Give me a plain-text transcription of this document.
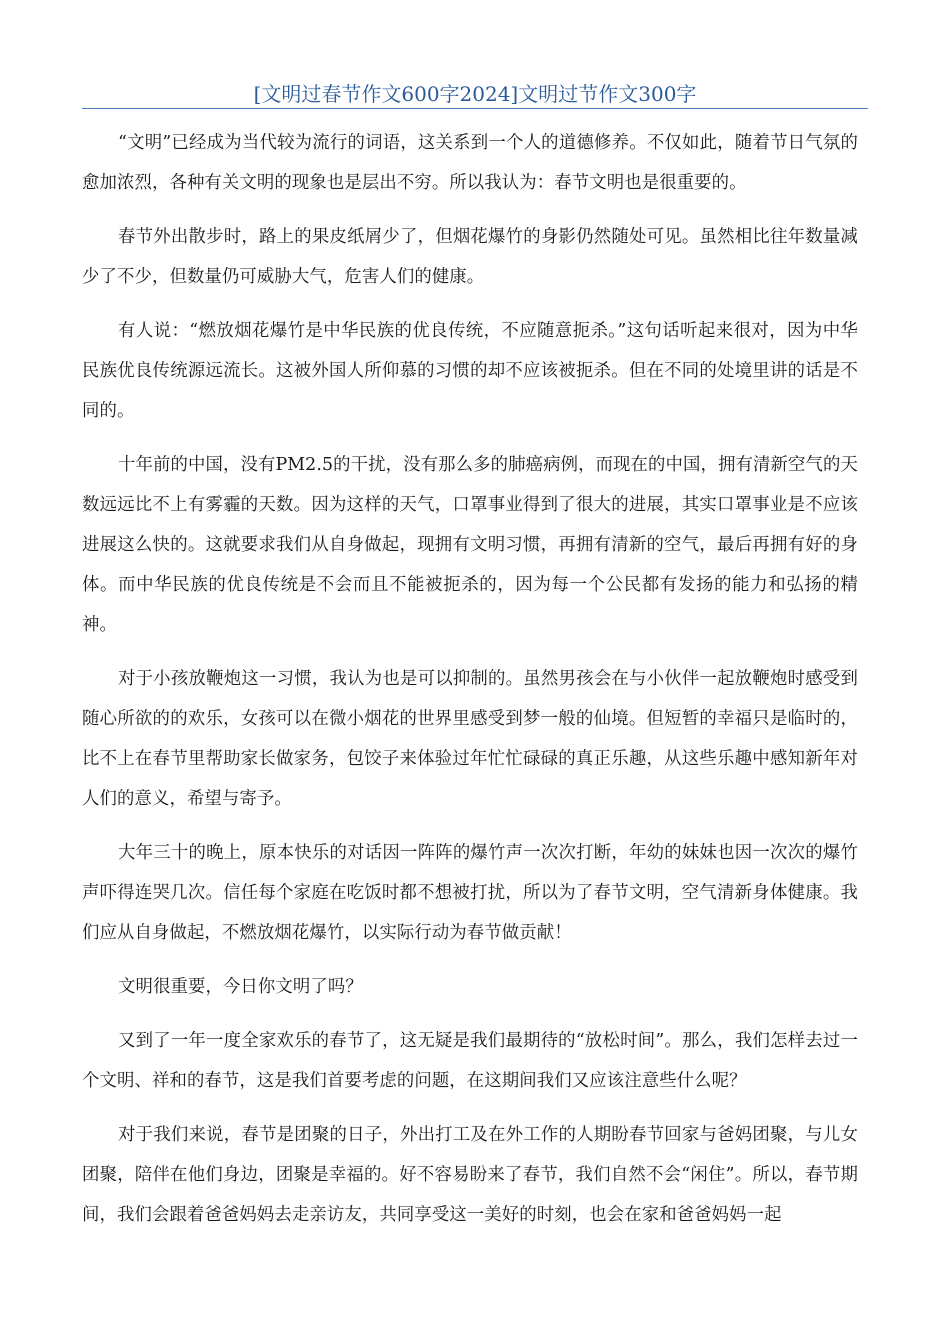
[文明过春节作文600字2024]文明过节作文300字

“文明”已经成为当代较为流行的词语，这关系到一个人的道德修养。不仅如此，随着节日气氛的愈加浓烈，各种有关文明的现象也是层出不穷。所以我认为：春节文明也是很重要的。

春节外出散步时，路上的果皮纸屑少了，但烟花爆竹的身影仍然随处可见。虽然相比往年数量减少了不少，但数量仍可威胁大气，危害人们的健康。

有人说：“燃放烟花爆竹是中华民族的优良传统，不应随意扼杀。”这句话听起来很对，因为中华民族优良传统源远流长。这被外国人所仰慕的习惯的却不应该被扼杀。但在不同的处境里讲的话是不同的。

十年前的中国，没有PM2.5的干扰，没有那么多的肺癌病例，而现在的中国，拥有清新空气的天数远远比不上有雾霾的天数。因为这样的天气，口罩事业得到了很大的进展，其实口罩事业是不应该进展这么快的。这就要求我们从自身做起，现拥有文明习惯，再拥有清新的空气，最后再拥有好的身体。而中华民族的优良传统是不会而且不能被扼杀的，因为每一个公民都有发扬的能力和弘扬的精神。

对于小孩放鞭炮这一习惯，我认为也是可以抑制的。虽然男孩会在与小伙伴一起放鞭炮时感受到随心所欲的的欢乐，女孩可以在微小烟花的世界里感受到梦一般的仙境。但短暂的幸福只是临时的，比不上在春节里帮助家长做家务，包饺子来体验过年忙忙碌碌的真正乐趣，从这些乐趣中感知新年对人们的意义，希望与寄予。

大年三十的晚上，原本快乐的对话因一阵阵的爆竹声一次次打断，年幼的妹妹也因一次次的爆竹声吓得连哭几次。信任每个家庭在吃饭时都不想被打扰，所以为了春节文明，空气清新身体健康。我们应从自身做起，不燃放烟花爆竹，以实际行动为春节做贡献！

文明很重要，今日你文明了吗？

又到了一年一度全家欢乐的春节了，这无疑是我们最期待的“放松时间”。那么，我们怎样去过一个文明、祥和的春节，这是我们首要考虑的问题，在这期间我们又应该注意些什么呢？

对于我们来说，春节是团聚的日子，外出打工及在外工作的人期盼春节回家与爸妈团聚，与儿女团聚，陪伴在他们身边，团聚是幸福的。好不容易盼来了春节，我们自然不会“闲住”。所以，春节期间，我们会跟着爸爸妈妈去走亲访友，共同享受这一美好的时刻，也会在家和爸爸妈妈一起
